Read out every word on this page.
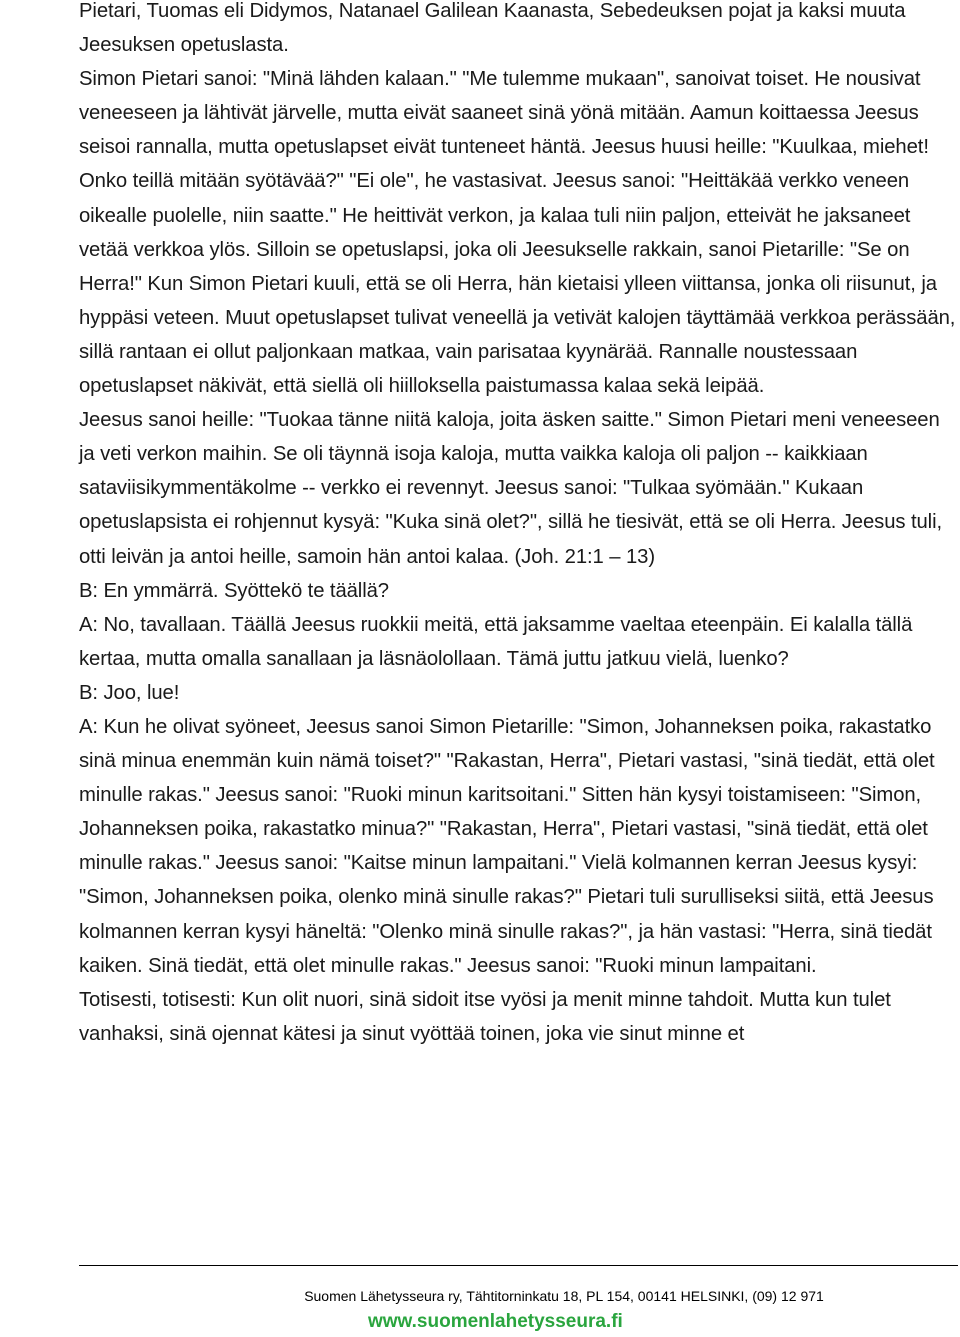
Pietari, Tuomas eli Didymos, Natanael Galilean Kaanasta, Sebedeuksen pojat ja kaksi muuta Jeesuksen opetuslasta.

Simon Pietari sanoi: "Minä lähden kalaan." "Me tulemme mukaan", sanoivat toiset. He nousivat veneeseen ja lähtivät järvelle, mutta eivät saaneet sinä yönä mitään. Aamun koittaessa Jeesus seisoi rannalla, mutta opetuslapset eivät tunteneet häntä. Jeesus huusi heille: "Kuulkaa, miehet! Onko teillä mitään syötävää?" "Ei ole", he vastasivat. Jeesus sanoi: "Heittäkää verkko veneen oikealle puolelle, niin saatte." He heittivät verkon, ja kalaa tuli niin paljon, etteivät he jaksaneet vetää verkkoa ylös. Silloin se opetuslapsi, joka oli Jeesukselle rakkain, sanoi Pietarille: "Se on Herra!" Kun Simon Pietari kuuli, että se oli Herra, hän kietaisi ylleen viittansa, jonka oli riisunut, ja hyppäsi veteen. Muut opetuslapset tulivat veneellä ja vetivät kalojen täyttämää verkkoa perässään, sillä rantaan ei ollut paljonkaan matkaa, vain parisataa kyynärää. Rannalle noustessaan opetuslapset näkivät, että siellä oli hiilloksella paistumassa kalaa sekä leipää.

Jeesus sanoi heille: "Tuokaa tänne niitä kaloja, joita äsken saitte." Simon Pietari meni veneeseen ja veti verkon maihin. Se oli täynnä isoja kaloja, mutta vaikka kaloja oli paljon -- kaikkiaan sataviisikymmentäkolme -- verkko ei revennyt. Jeesus sanoi: "Tulkaa syömään." Kukaan opetuslapsista ei rohjennut kysyä: "Kuka sinä olet?", sillä he tiesivät, että se oli Herra. Jeesus tuli, otti leivän ja antoi heille, samoin hän antoi kalaa. (Joh. 21:1 – 13)

B: En ymmärrä. Syöttekö te täällä?

A: No, tavallaan. Täällä Jeesus ruokkii meitä, että jaksamme vaeltaa eteenpäin. Ei kalalla tällä kertaa, mutta omalla sanallaan ja läsnäolollaan. Tämä juttu jatkuu vielä, luenko?

B: Joo, lue!

A: Kun he olivat syöneet, Jeesus sanoi Simon Pietarille: "Simon, Johanneksen poika, rakastatko sinä minua enemmän kuin nämä toiset?" "Rakastan, Herra", Pietari vastasi, "sinä tiedät, että olet minulle rakas." Jeesus sanoi: "Ruoki minun karitsoitani." Sitten hän kysyi toistamiseen: "Simon, Johanneksen poika, rakastatko minua?" "Rakastan, Herra", Pietari vastasi, "sinä tiedät, että olet minulle rakas." Jeesus sanoi: "Kaitse minun lampaitani." Vielä kolmannen kerran Jeesus kysyi: "Simon, Johanneksen poika, olenko minä sinulle rakas?" Pietari tuli surulliseksi siitä, että Jeesus kolmannen kerran kysyi häneltä: "Olenko minä sinulle rakas?", ja hän vastasi: "Herra, sinä tiedät kaiken. Sinä tiedät, että olet minulle rakas." Jeesus sanoi: "Ruoki minun lampaitani.

Totisesti, totisesti: Kun olit nuori, sinä sidoit itse vyösi ja menit minne tahdoit. Mutta kun tulet vanhaksi, sinä ojennat kätesi ja sinut vyöttää toinen, joka vie sinut minne et

Suomen Lähetysseura ry, Tähtitorninkatu 18, PL 154, 00141 HELSINKI, (09) 12 971
www.suomenlahetysseura.fi
